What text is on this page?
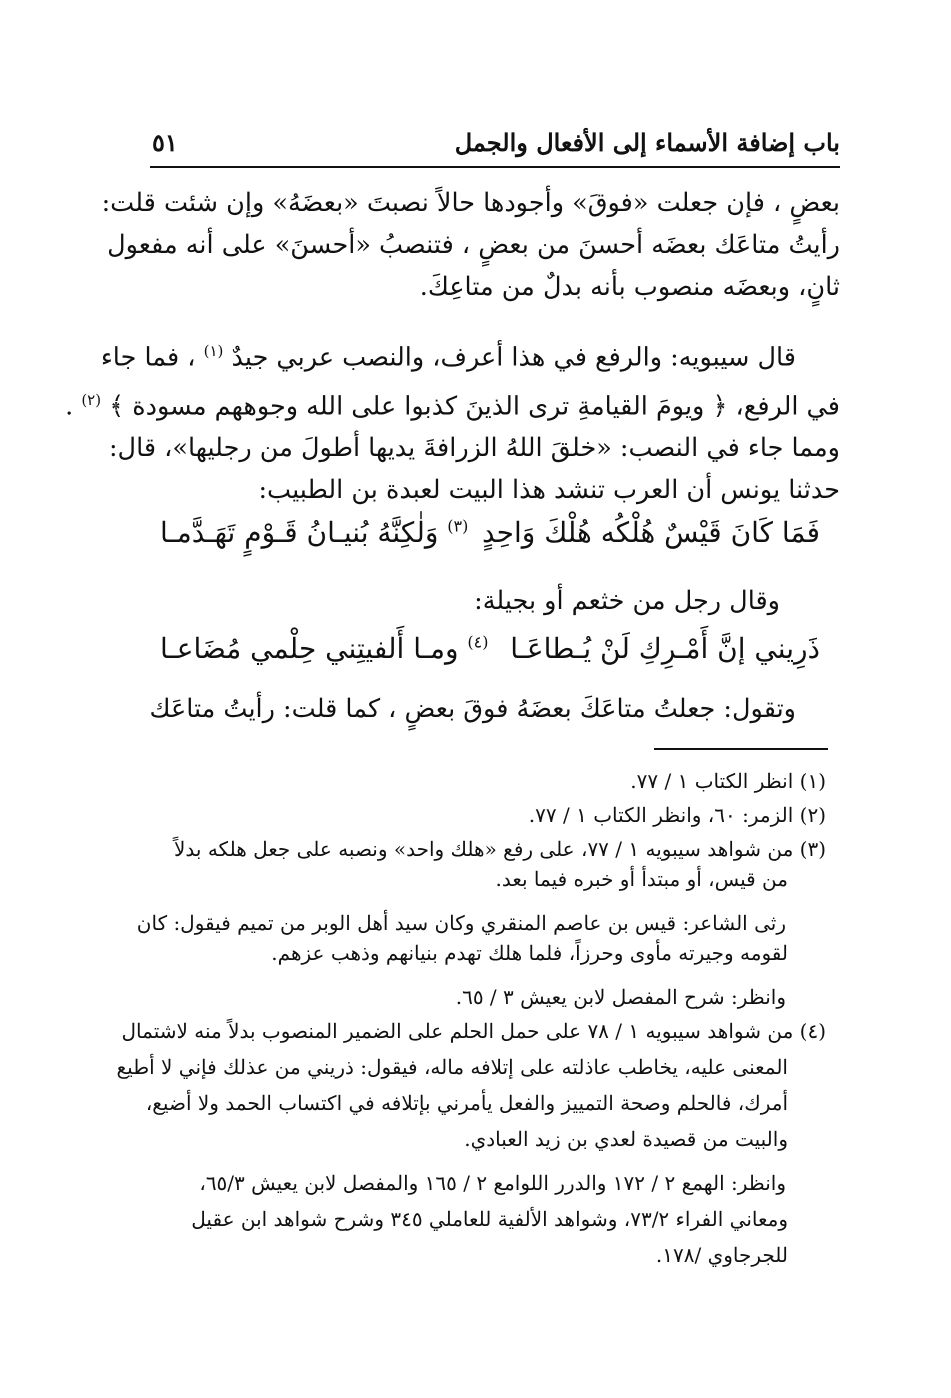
باب إضافة الأسماء إلى الأفعال والجمل
٥١
بعضٍ ، فإن جعلت «فوقَ» وأجودها حالاً نصبتَ «بعضَهُ» وإن شئت قلت:
رأيتُ متاعَك بعضَه أحسنَ من بعضٍ ، فتنصبُ «أحسنَ» على أنه مفعول
ثانٍ، وبعضَه منصوب بأنه بدلٌ من متاعِكَ.
قال سيبويه: والرفع في هذا أعرف، والنصب عربي جيدٌ $^{(١)}$ ، فما جاء
في الرفع، ﴿ ويومَ القيامةِ ترى الذينَ كذبوا على الله وجوههم مسودة ﴾ $^{(٢)}$ .
ومما جاء في النصب: «خلقَ اللهُ الزرافةَ يديها أطولَ من رجليها»، قال:
حدثنا يونس أن العرب تنشد هذا البيت لعبدة بن الطبيب:
فَمَا كَانَ قَيْسٌ هُلْكُه هُلْكَ وَاحِدٍ
$^{(٣)}$ وَلٰكِنَّهُ بُنيـانُ قَـوْمٍ تَهَـدَّمـا
وقال رجل من خثعم أو بجيلة:
ذَرِيني إنَّ أَمْـرِكِ لَنْ يُـطاعَـا
$^{(٤)}$ ومـا أَلفيتِني حِلْمي مُضَاعـا
وتقول: جعلتُ متاعَكَ بعضَهُ فوقَ بعضٍ ، كما قلت: رأيتُ متاعَك
(١) انظر الكتاب ١ / ٧٧.
(٢) الزمر: ٦٠، وانظر الكتاب ١ / ٧٧.
(٣) من شواهد سيبويه ١ / ٧٧، على رفع «هلك واحد» ونصبه على جعل هلكه بدلاً
من قيس، أو مبتدأ أو خبره فيما بعد.
رثى الشاعر: قيس بن عاصم المنقري وكان سيد أهل الوبر من تميم فيقول: كان
لقومه وجيرته مأوى وحرزاً، فلما هلك تهدم بنيانهم وذهب عزهم.
وانظر: شرح المفصل لابن يعيش ٣ / ٦٥.
(٤) من شواهد سيبويه ١ / ٧٨ على حمل الحلم على الضمير المنصوب بدلاً منه لاشتمال
المعنى عليه، يخاطب عاذلته على إتلافه ماله، فيقول: ذريني من عذلك فإني لا أطيع
أمرك، فالحلم وصحة التمييز والفعل يأمرني بإتلافه في اكتساب الحمد ولا أضيع،
والبيت من قصيدة لعدي بن زيد العبادي.
وانظر: الهمع ٢ / ١٧٢ والدرر اللوامع ٢ / ١٦٥ والمفصل لابن يعيش ٦٥/٣،
ومعاني الفراء ٧٣/٢، وشواهد الألفية للعاملي ٣٤٥ وشرح شواهد ابن عقيل
للجرجاوي /١٧٨.
